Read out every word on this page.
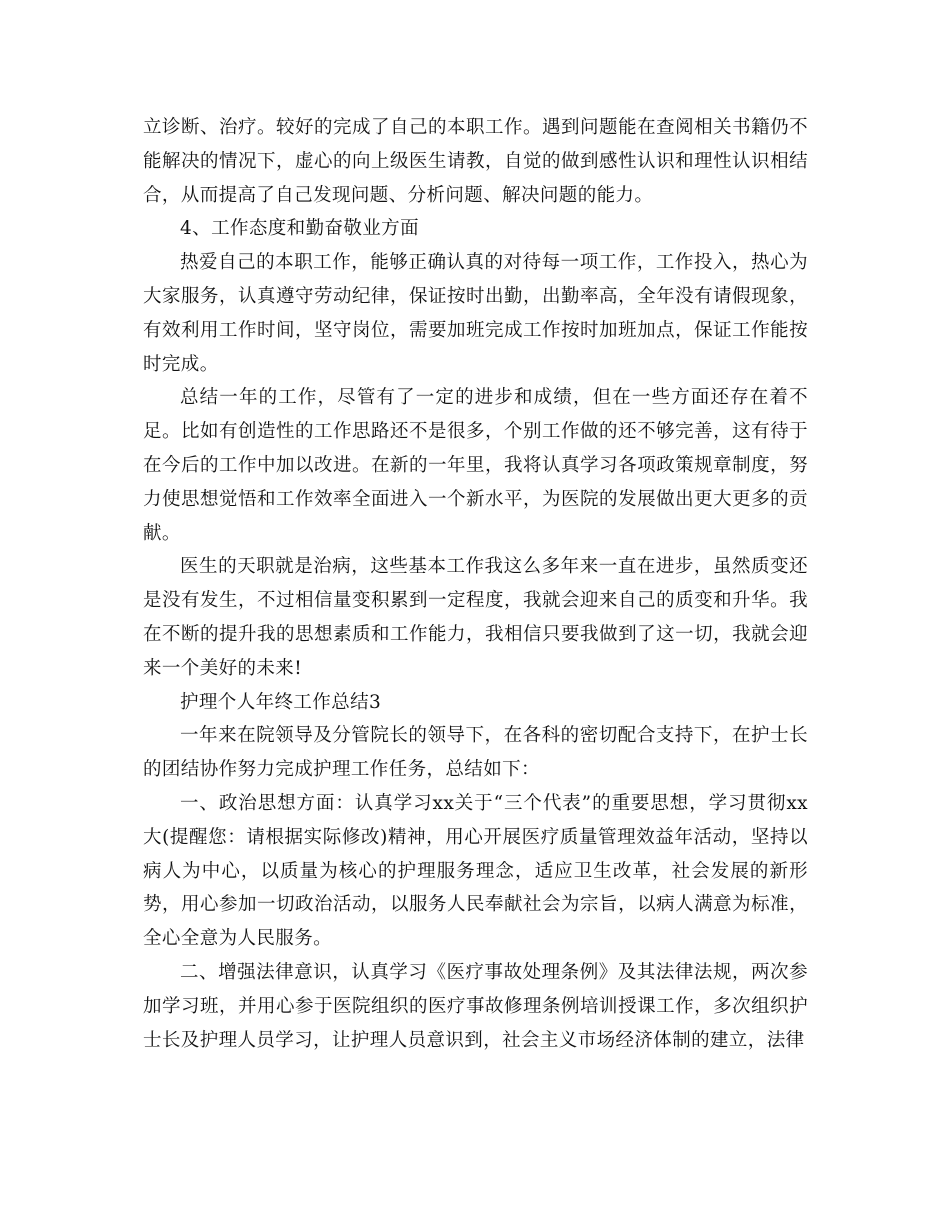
立诊断、治疗。较好的完成了自己的本职工作。遇到问题能在查阅相关书籍仍不能解决的情况下，虚心的向上级医生请教，自觉的做到感性认识和理性认识相结合，从而提高了自己发现问题、分析问题、解决问题的能力。

4、工作态度和勤奋敬业方面

热爱自己的本职工作，能够正确认真的对待每一项工作，工作投入，热心为大家服务，认真遵守劳动纪律，保证按时出勤，出勤率高，全年没有请假现象，有效利用工作时间，坚守岗位，需要加班完成工作按时加班加点，保证工作能按时完成。

总结一年的工作，尽管有了一定的进步和成绩，但在一些方面还存在着不足。比如有创造性的工作思路还不是很多，个别工作做的还不够完善，这有待于在今后的工作中加以改进。在新的一年里，我将认真学习各项政策规章制度，努力使思想觉悟和工作效率全面进入一个新水平，为医院的发展做出更大更多的贡献。

医生的天职就是治病，这些基本工作我这么多年来一直在进步，虽然质变还是没有发生，不过相信量变积累到一定程度，我就会迎来自己的质变和升华。我在不断的提升我的思想素质和工作能力，我相信只要我做到了这一切，我就会迎来一个美好的未来!

护理个人年终工作总结3

一年来在院领导及分管院长的领导下，在各科的密切配合支持下，在护士长的团结协作努力完成护理工作任务，总结如下：

一、政治思想方面：认真学习xx关于“三个代表”的重要思想，学习贯彻xx大(提醒您：请根据实际修改)精神，用心开展医疗质量管理效益年活动，坚持以病人为中心，以质量为核心的护理服务理念，适应卫生改革，社会发展的新形势，用心参加一切政治活动，以服务人民奉献社会为宗旨，以病人满意为标准，全心全意为人民服务。

二、增强法律意识，认真学习《医疗事故处理条例》及其法律法规，两次参加学习班，并用心参于医院组织的医疗事故修理条例培训授课工作，多次组织护士长及护理人员学习，让护理人员意识到，社会主义市场经济体制的建立，法律
